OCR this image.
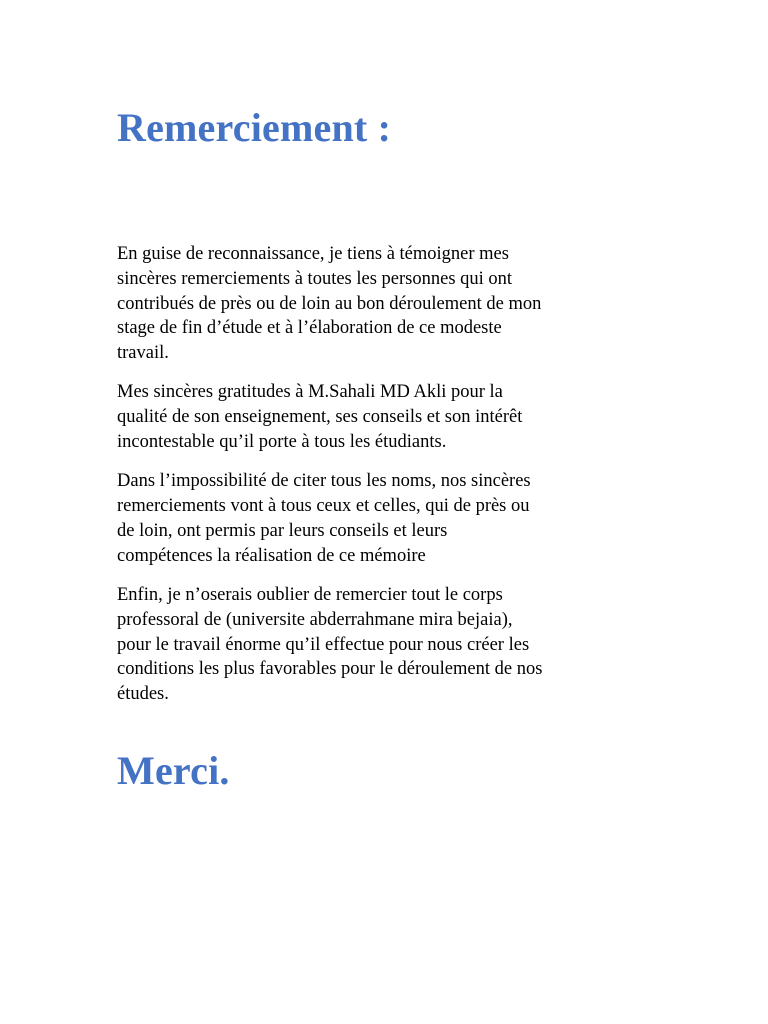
Remerciement :

En guise de reconnaissance, je tiens à témoigner mes
sincères remerciements à toutes les personnes qui ont
contribués de près ou de loin au bon déroulement de mon
stage de fin d’étude et à l’élaboration de ce modeste
travail.

Mes sincères gratitudes à M.Sahali MD Akli pour la
qualité de son enseignement, ses conseils et son intérêt
incontestable qu’il porte à tous les étudiants.

Dans l’impossibilité de citer tous les noms, nos sincères
remerciements vont à tous ceux et celles, qui de près ou
de loin, ont permis par leurs conseils et leurs
compétences la réalisation de ce mémoire

Enfin, je n’oserais oublier de remercier tout le corps
professoral de (universite abderrahmane mira bejaia),
pour le travail énorme qu’il effectue pour nous créer les
conditions les plus favorables pour le déroulement de nos
études.

Merci.
